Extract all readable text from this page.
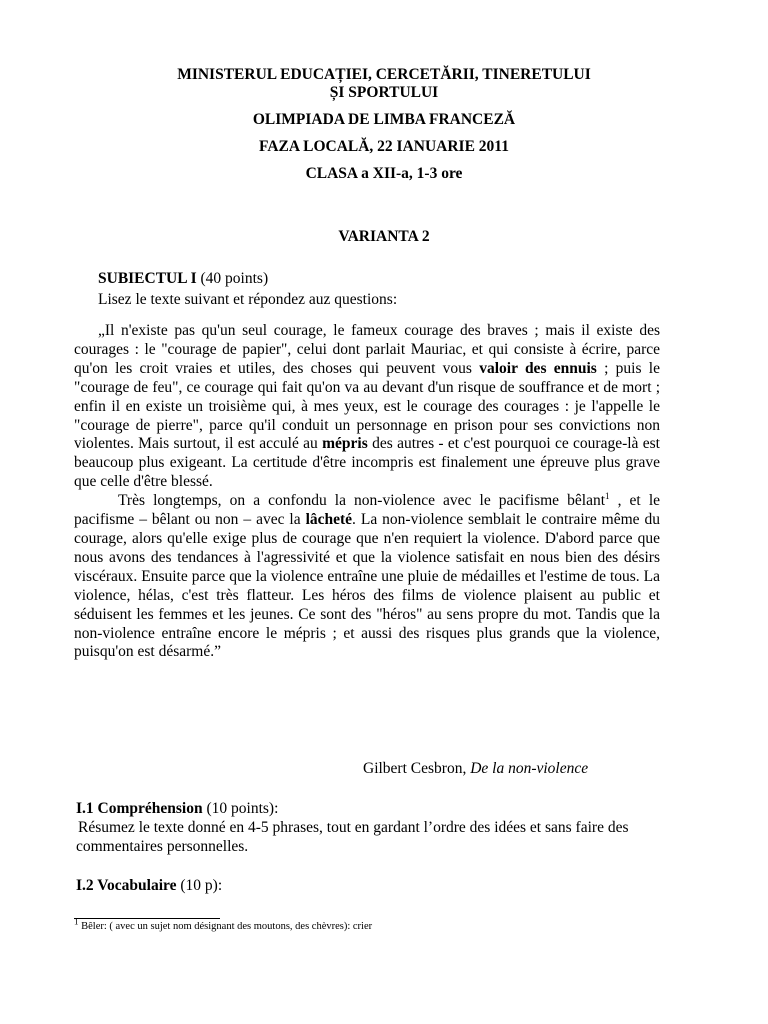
MINISTERUL EDUCAȚIEI, CERCETĂRII, TINERETULUI ȘI SPORTULUI
OLIMPIADA DE LIMBA FRANCEZĂ
FAZA LOCALĂ, 22 IANUARIE 2011
CLASA a XII-a, 1-3 ore
VARIANTA 2
SUBIECTUL I (40 points)
Lisez le texte suivant et répondez auz questions:

„Il n'existe pas qu'un seul courage, le fameux courage des braves ; mais il existe des courages : le "courage de papier", celui dont parlait Mauriac, et qui consiste à écrire, parce qu'on les croit vraies et utiles, des choses qui peuvent vous valoir des ennuis ; puis le "courage de feu", ce courage qui fait qu'on va au devant d'un risque de souffrance et de mort ; enfin il en existe un troisième qui, à mes yeux, est le courage des courages : je l'appelle le "courage de pierre", parce qu'il conduit un personnage en prison pour ses convictions non violentes. Mais surtout, il est acculé au mépris des autres - et c'est pourquoi ce courage-là est beaucoup plus exigeant. La certitude d'être incompris est finalement une épreuve plus grave que celle d'être blessé.

Très longtemps, on a confondu la non-violence avec le pacifisme bêlant$^1$ , et le pacifisme – bêlant ou non – avec la lâcheté. La non-violence semblait le contraire même du courage, alors qu'elle exige plus de courage que n'en requiert la violence. D'abord parce que nous avons des tendances à l'agressivité et que la violence satisfait en nous bien des désirs viscéraux. Ensuite parce que la violence entraîne une pluie de médailles et l'estime de tous. La violence, hélas, c'est très flatteur. Les héros des films de violence plaisent au public et séduisent les femmes et les jeunes. Ce sont des "héros" au sens propre du mot. Tandis que la non-violence entraîne encore le mépris ; et aussi des risques plus grands que la violence, puisqu'on est désarmé.”

Gilbert Cesbron, De la non-violence
I.1 Compréhension (10 points):
Résumez le texte donné en 4-5 phrases, tout en gardant l’ordre des idées et sans faire des commentaires personnelles.
I.2 Vocabulaire (10 p):
$^1$ Bêler: ( avec un sujet nom désignant des moutons, des chèvres): crier
